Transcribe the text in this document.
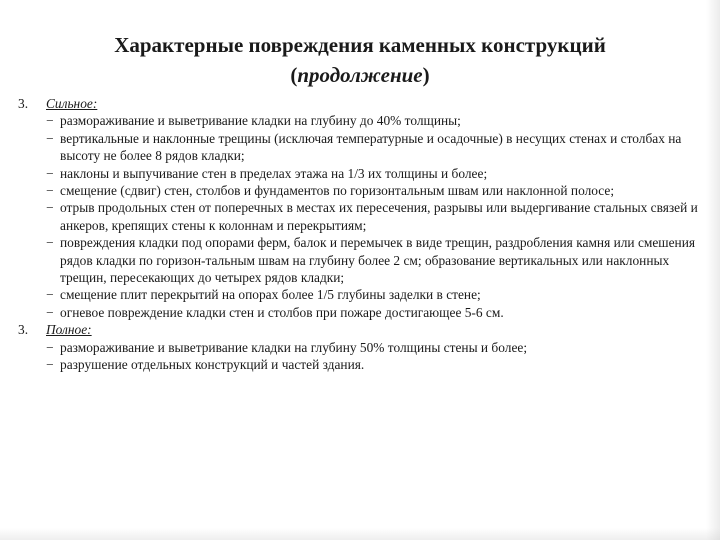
Характерные повреждения каменных конструкций
(продолжение)
3.	Сильное:
− размораживание и выветривание кладки на глубину до 40% толщины;
− вертикальные и наклонные трещины (исключая температурные и осадочные) в несущих стенах и столбах на высоту не более 8 рядов кладки;
− наклоны и выпучивание стен в пределах этажа на 1/3 их толщины и более;
− смещение (сдвиг) стен, столбов и фундаментов по горизонтальным швам или наклонной полосе;
− отрыв продольных стен от поперечных в местах их пересечения, разрывы или выдергивание стальных связей и анкеров, крепящих стены к колоннам и перекрытиям;
− повреждения кладки под опорами ферм, балок и перемычек в виде трещин, раздробления камня или смешения рядов кладки по горизон-тальным швам на глубину более 2 см; образование вертикальных или наклонных трещин, пересекающих до четырех рядов кладки;
− смещение плит перекрытий на опорах более 1/5 глубины заделки в стене;
− огневое повреждение кладки стен и столбов при пожаре достигающее 5-6 см.
3.	Полное:
− размораживание и выветривание кладки на глубину 50% толщины стены и более;
− разрушение отдельных конструкций и частей здания.
